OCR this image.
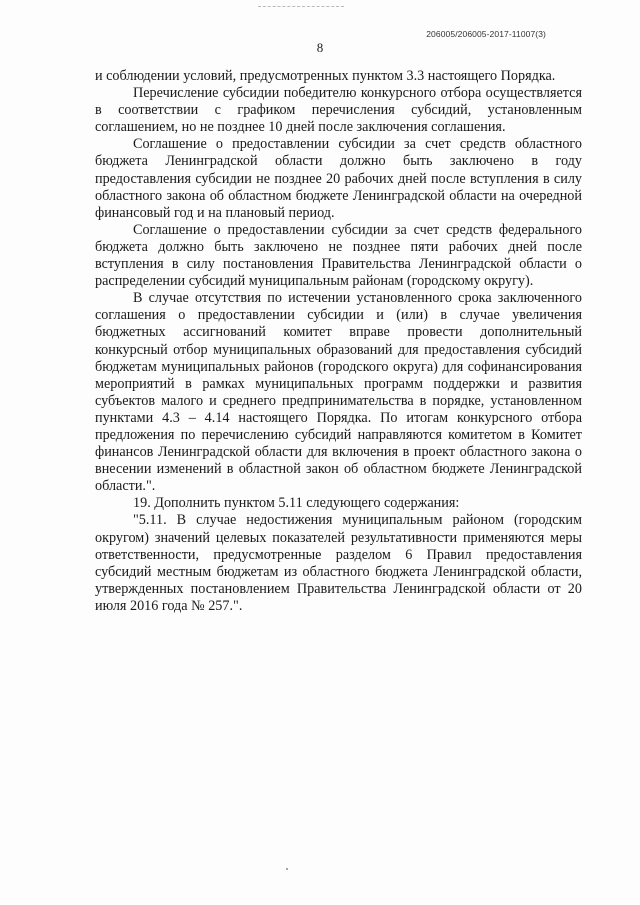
206005/206005-2017-11007(3)
8

и соблюдении условий, предусмотренных пунктом 3.3 настоящего Порядка.

Перечисление субсидии победителю конкурсного отбора осуществляется в соответствии с графиком перечисления субсидий, установленным соглашением, но не позднее 10 дней после заключения соглашения.

Соглашение о предоставлении субсидии за счет средств областного бюджета Ленинградской области должно быть заключено в году предоставления субсидии не позднее 20 рабочих дней после вступления в силу областного закона об областном бюджете Ленинградской области на очередной финансовый год и на плановый период.

Соглашение о предоставлении субсидии за счет средств федерального бюджета должно быть заключено не позднее пяти рабочих дней после вступления в силу постановления Правительства Ленинградской области о распределении субсидий муниципальным районам (городскому округу).

В случае отсутствия по истечении установленного срока заключенного соглашения о предоставлении субсидии и (или) в случае увеличения бюджетных ассигнований комитет вправе провести дополнительный конкурсный отбор муниципальных образований для предоставления субсидий бюджетам муниципальных районов (городского округа) для софинансирования мероприятий в рамках муниципальных программ поддержки и развития субъектов малого и среднего предпринимательства в порядке, установленном пунктами 4.3 – 4.14 настоящего Порядка. По итогам конкурсного отбора предложения по перечислению субсидий направляются комитетом в Комитет финансов Ленинградской области для включения в проект областного закона о внесении изменений в областной закон об областном бюджете Ленинградской области.".

19. Дополнить пунктом 5.11 следующего содержания:

"5.11. В случае недостижения муниципальным районом (городским округом) значений целевых показателей результативности применяются меры ответственности, предусмотренные разделом 6 Правил предоставления субсидий местным бюджетам из областного бюджета Ленинградской области, утвержденных постановлением Правительства Ленинградской области от 20 июля 2016 года № 257.".
